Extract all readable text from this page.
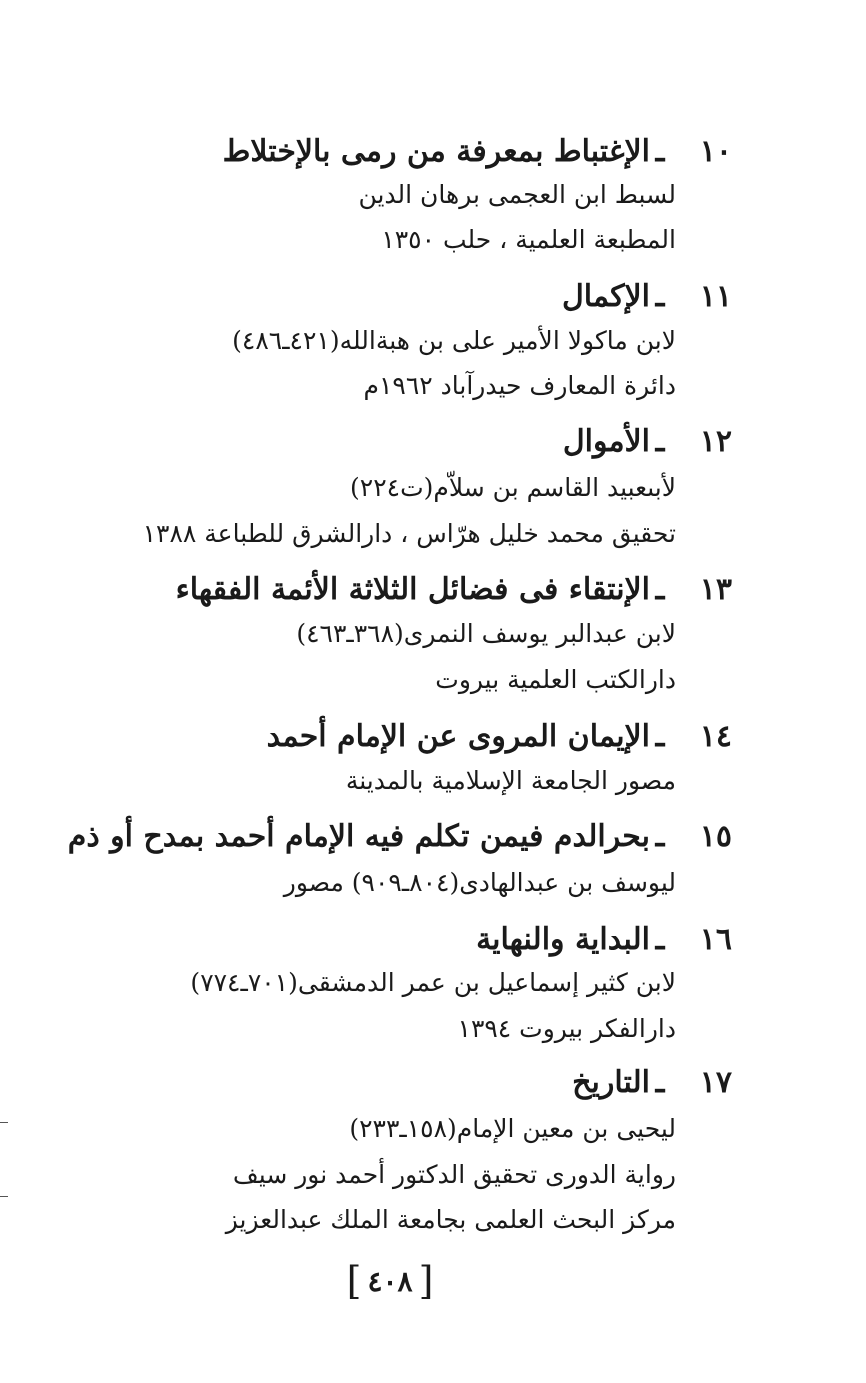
١٠ـالإغتباط بمعرفة من رمى بالإختلاط
لسبط ابن العجمى برهان الدين
المطبعة العلمية ، حلب ١٣٥٠
١١ـالإكمال
لابن ماكولا الأمير على بن هبةالله(٤٢١ـ٤٨٦)
دائرة المعارف حيدرآباد ١٩٦٢م
١٢ـالأموال
لأبىعبيد القاسم بن سلاّم(ت٢٢٤)
تحقيق محمد خليل هرّاس ، دارالشرق للطباعة ١٣٨٨
١٣ـالإنتقاء فى فضائل الثلاثة الأئمة الفقهاء
لابن عبدالبر يوسف النمرى(٣٦٨ـ٤٦٣)
دارالكتب العلمية بيروت
١٤ـالإيمان المروى عن الإمام أحمد
مصور الجامعة الإسلامية بالمدينة
١٥ـبحرالدم فيمن تكلم فيه الإمام أحمد بمدح أو ذم
ليوسف بن عبدالهادى(٨٠٤ـ٩٠٩) مصور
١٦ـالبداية والنهاية
لابن كثير إسماعيل بن عمر الدمشقى(٧٠١ـ٧٧٤)
دارالفكر بيروت ١٣٩٤
١٧ـالتاريخ
ليحيى بن معين الإمام(١٥٨ـ٢٣٣)
رواية الدورى تحقيق الدكتور أحمد نور سيف
مركز البحث العلمى بجامعة الملك عبدالعزيز
[٤٠٨]
